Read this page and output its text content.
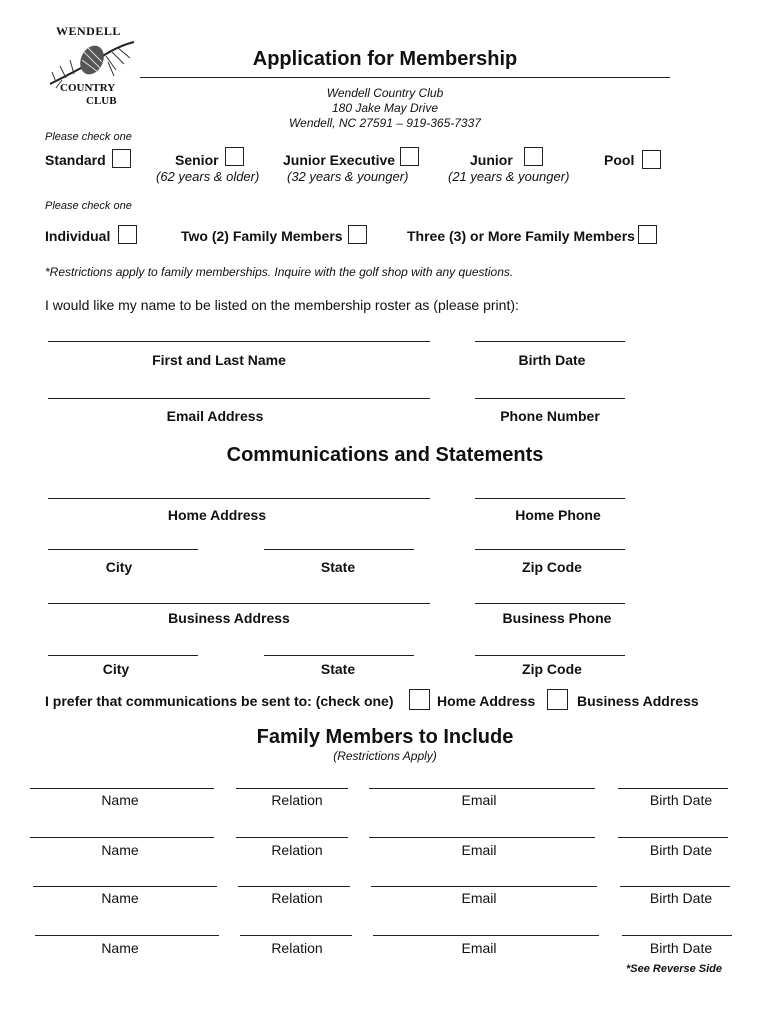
WENDELL
COUNTRY
CLUB
Application for Membership
Wendell Country Club
180 Jake May Drive
Wendell, NC 27591 – 919-365-7337
Please check one
Standard	Senior
(62 years & older)
Junior Executive
(32 years & younger)
Junior
(21 years & younger)
Pool
Please check one
Individual	Two (2) Family Members	Three (3) or More Family Members
*Restrictions apply to family memberships. Inquire with the golf shop with any questions.
I would like my name to be listed on the membership roster as (please print):
First and Last Name	Birth Date
Email Address	Phone Number
Communications and Statements
Home Address	Home Phone
City	State	Zip Code
Business Address	Business Phone
City	State	Zip Code
I prefer that communications be sent to: (check one)	Home Address	Business Address
Family Members to Include
(Restrictions Apply)
Name	Relation	Email	Birth Date
Name	Relation	Email	Birth Date
Name	Relation	Email	Birth Date
Name	Relation	Email	Birth Date
*See Reverse Side
